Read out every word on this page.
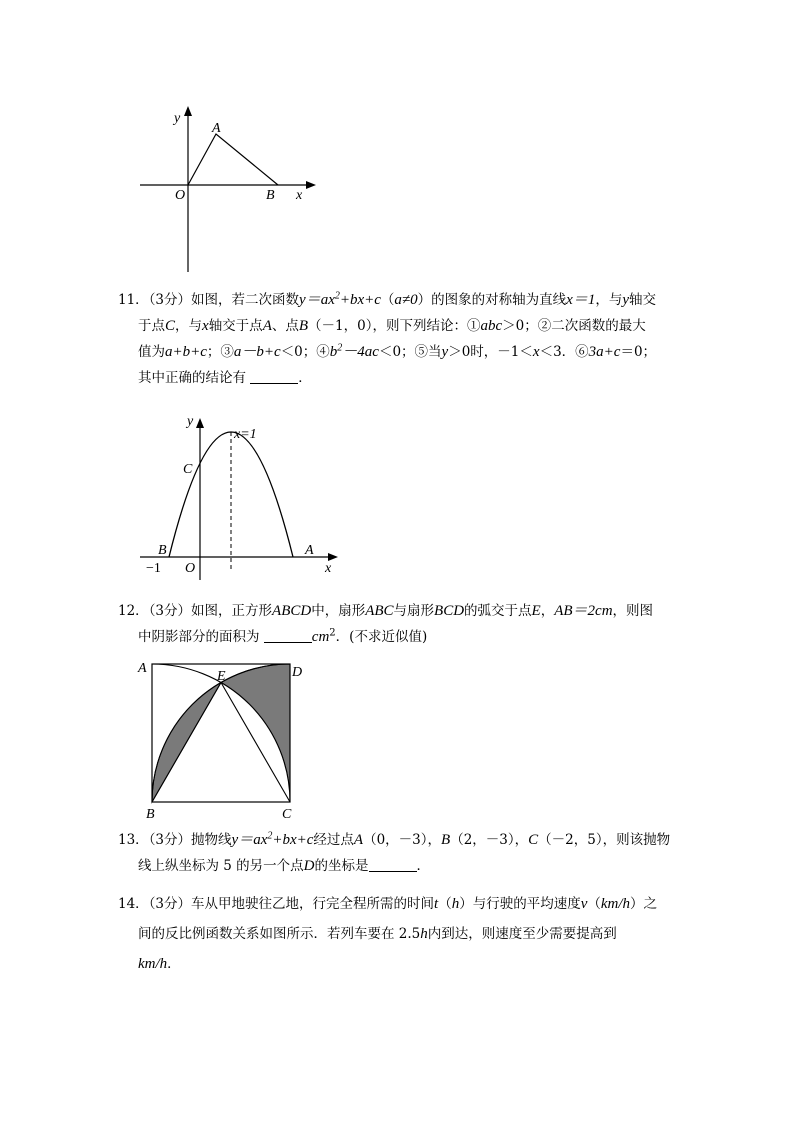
y
A
O	B x
11．（3分）如图，若二次函数$y=ax^2+bx+c(a\ne 0)$的图象的对称轴为直线x＝1，与y轴交
于点C，与x轴交于点A、点B（－1，0），则下列结论：①abc＞0；②二次函数的最大
值为a+b+c；③a－b+c＜0；$④b^2-4ac<0$；⑤当y＞0时，－1＜x＜3．⑥3a+c＝0；
其中正确的结论有	．
y
x=1
C
B	A
−1 O	x
12．（3分）如图，正方形ABCD中，扇形ABC与扇形BCD的弧交于点E，AB＝2cm，则图
中阴影部分的面积为	$cm^2$．(不求近似值)
A
E	D
B	C
13．（3分）抛物线$y=ax^2+bx+c$经过点A（0，－3），B（2，－3），C（－2，5），则该抛物
线上纵坐标为 5 的另一个点D的坐标是	．
14．（3分）车从甲地驶往乙地，行完全程所需的时间t（h）与行驶的平均速度v（km/h）之
间的反比例函数关系如图所示．若列车要在 2.5h内到达，则速度至少需要提高到
km/h．
